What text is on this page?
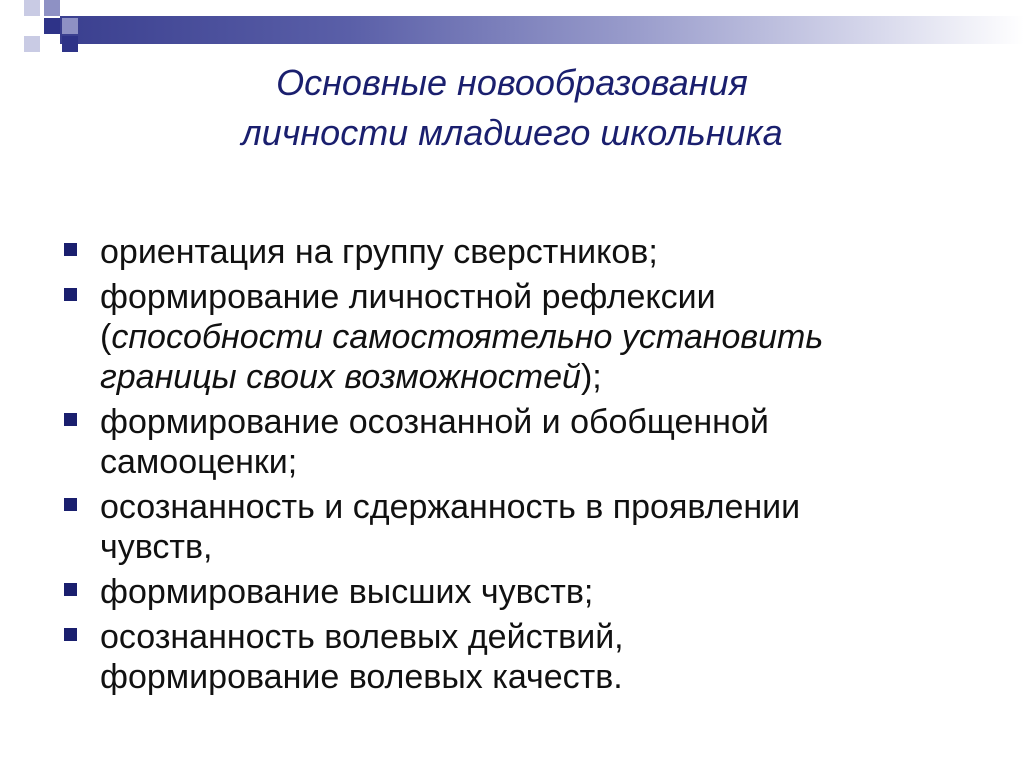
Основные новообразования
личности младшего школьника
ориентация на группу сверстников;
формирование личностной рефлексии
(способности самостоятельно установить
границы своих возможностей);
формирование осознанной и обобщенной
самооценки;
осознанность и сдержанность в проявлении
чувств,
формирование высших чувств;
осознанность волевых действий,
формирование волевых качеств.
